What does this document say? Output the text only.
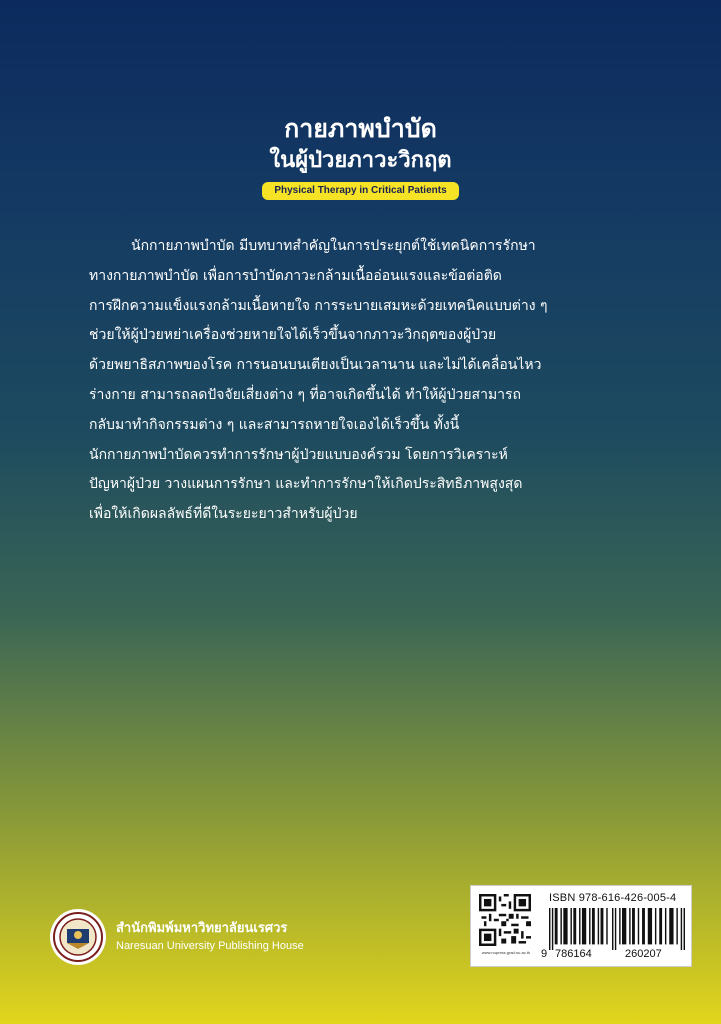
กายภาพบำบัด
ในผู้ป่วยภาวะวิกฤต
Physical Therapy in Critical Patients
นักกายภาพบำบัด มีบทบาทสำคัญในการประยุกต์ใช้เทคนิคการรักษา
ทางกายภาพบำบัด เพื่อการบำบัดภาวะกล้ามเนื้ออ่อนแรงและข้อต่อติด
การฝึกความแข็งแรงกล้ามเนื้อหายใจ การระบายเสมหะด้วยเทคนิคแบบต่าง ๆ
ช่วยให้ผู้ป่วยหย่าเครื่องช่วยหายใจได้เร็วขึ้นจากภาวะวิกฤตของผู้ป่วย
ด้วยพยาธิสภาพของโรค การนอนบนเตียงเป็นเวลานาน และไม่ได้เคลื่อนไหว
ร่างกาย สามารถลดปัจจัยเสี่ยงต่าง ๆ ที่อาจเกิดขึ้นได้ ทำให้ผู้ป่วยสามารถ
กลับมาทำกิจกรรมต่าง ๆ และสามารถหายใจเองได้เร็วขึ้น ทั้งนี้
นักกายภาพบำบัดควรทำการรักษาผู้ป่วยแบบองค์รวม โดยการวิเคราะห์
ปัญหาผู้ป่วย วางแผนการรักษา และทำการรักษาให้เกิดประสิทธิภาพสูงสุด
เพื่อให้เกิดผลลัพธ์ที่ดีในระยะยาวสำหรับผู้ป่วย
สำนักพิมพ์มหาวิทยาลัยนเรศวร
Naresuan University Publishing House
www.nupress.grad.nu.ac.th
ISBN 978-616-426-005-4
9 786164	260207
